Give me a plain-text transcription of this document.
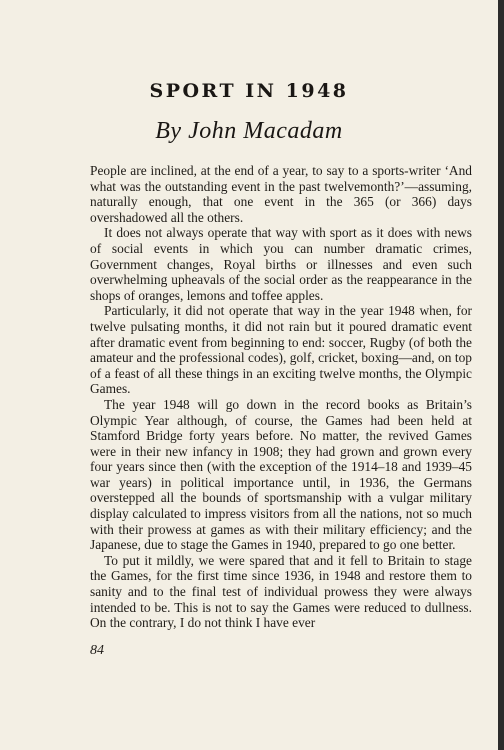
SPORT IN 1948
By John Macadam

People are inclined, at the end of a year, to say to a sports-writer ‘And what was the outstanding event in the past twelvemonth?’—assuming, naturally enough, that one event in the 365 (or 366) days overshadowed all the others.

It does not always operate that way with sport as it does with news of social events in which you can number dramatic crimes, Government changes, Royal births or illnesses and even such overwhelming upheavals of the social order as the reappearance in the shops of oranges, lemons and toffee apples.

Particularly, it did not operate that way in the year 1948 when, for twelve pulsating months, it did not rain but it poured dramatic event after dramatic event from beginning to end: soccer, Rugby (of both the amateur and the professional codes), golf, cricket, boxing—and, on top of a feast of all these things in an exciting twelve months, the Olympic Games.

The year 1948 will go down in the record books as Britain’s Olympic Year although, of course, the Games had been held at Stamford Bridge forty years before. No matter, the revived Games were in their new infancy in 1908; they had grown and grown every four years since then (with the exception of the 1914–18 and 1939–45 war years) in political importance until, in 1936, the Germans overstepped all the bounds of sportsmanship with a vulgar military display calculated to impress visitors from all the nations, not so much with their prowess at games as with their military efficiency; and the Japanese, due to stage the Games in 1940, prepared to go one better.

To put it mildly, we were spared that and it fell to Britain to stage the Games, for the first time since 1936, in 1948 and restore them to sanity and to the final test of individual prowess they were always intended to be. This is not to say the Games were reduced to dullness. On the contrary, I do not think I have ever

84
